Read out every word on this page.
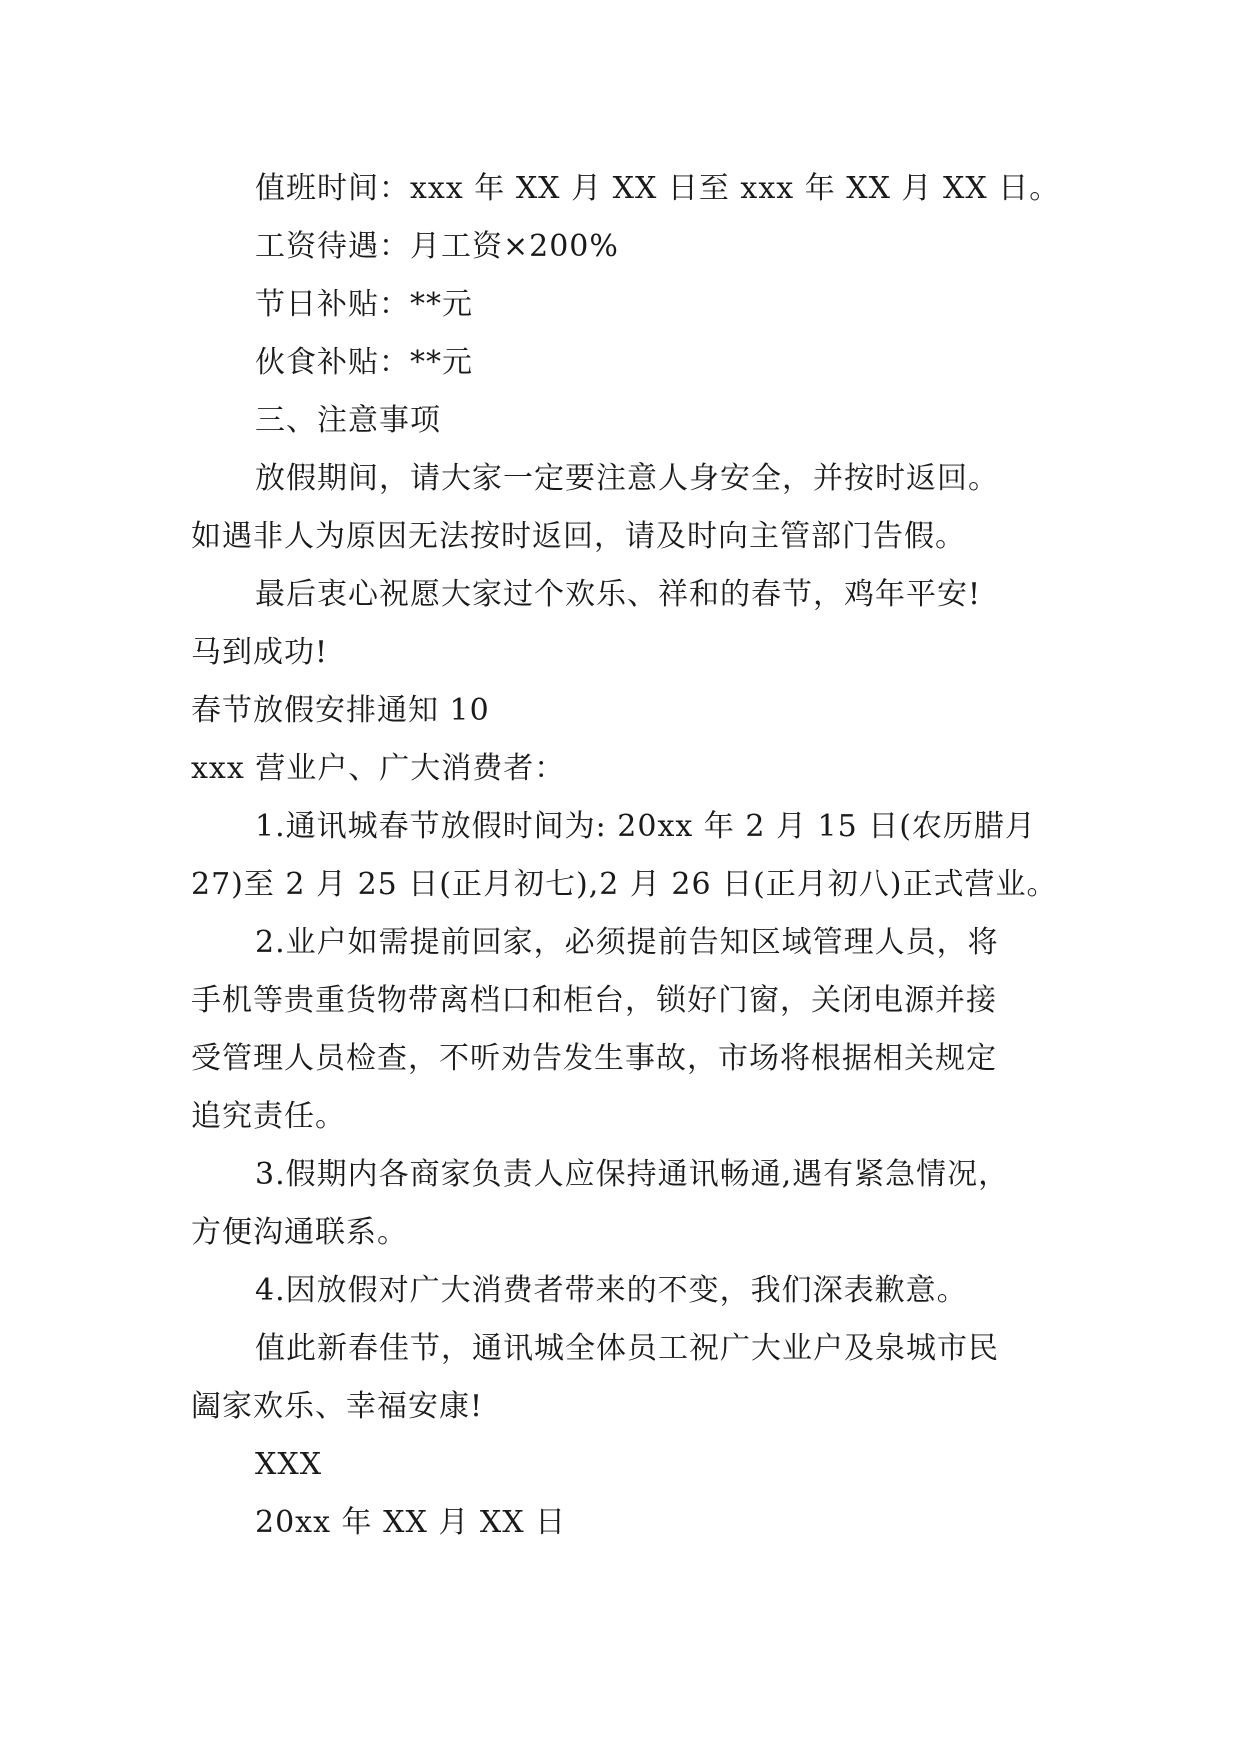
值班时间：xxx 年 XX 月 XX 日至 xxx 年 XX 月 XX 日。
工资待遇：月工资×200%
节日补贴：**元
伙食补贴：**元
三、注意事项
放假期间，请大家一定要注意人身安全，并按时返回。
如遇非人为原因无法按时返回，请及时向主管部门告假。
最后衷心祝愿大家过个欢乐、祥和的春节，鸡年平安!
马到成功!
春节放假安排通知 10
xxx 营业户、广大消费者：
1.通讯城春节放假时间为: 20xx 年 2 月 15 日(农历腊月
27)至 2 月 25 日(正月初七),2 月 26 日(正月初八)正式营业。
2.业户如需提前回家，必须提前告知区域管理人员，将
手机等贵重货物带离档口和柜台，锁好门窗，关闭电源并接
受管理人员检查，不听劝告发生事故，市场将根据相关规定
追究责任。
3.假期内各商家负责人应保持通讯畅通,遇有紧急情况，
方便沟通联系。
4.因放假对广大消费者带来的不变，我们深表歉意。
值此新春佳节，通讯城全体员工祝广大业户及泉城市民
阖家欢乐、幸福安康!
XXX
20xx 年 XX 月 XX 日
